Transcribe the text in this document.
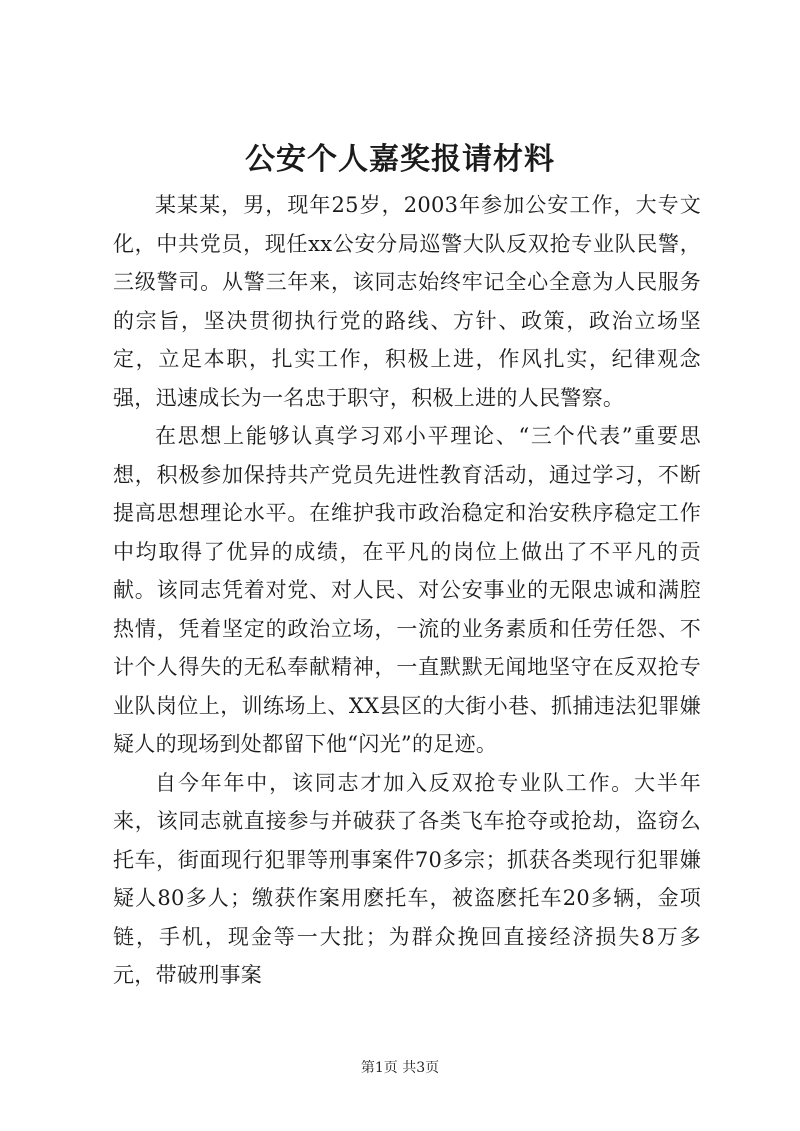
公安个人嘉奖报请材料

某某某，男，现年25岁，2003年参加公安工作，大专文化，中共党员，现任xx公安分局巡警大队反双抢专业队民警，三级警司。从警三年来，该同志始终牢记全心全意为人民服务的宗旨，坚决贯彻执行党的路线、方针、政策，政治立场坚定，立足本职，扎实工作，积极上进，作风扎实，纪律观念强，迅速成长为一名忠于职守，积极上进的人民警察。

在思想上能够认真学习邓小平理论、“三个代表”重要思想，积极参加保持共产党员先进性教育活动，通过学习，不断提高思想理论水平。在维护我市政治稳定和治安秩序稳定工作中均取得了优异的成绩，在平凡的岗位上做出了不平凡的贡献。该同志凭着对党、对人民、对公安事业的无限忠诚和满腔热情，凭着坚定的政治立场，一流的业务素质和任劳任怨、不计个人得失的无私奉献精神，一直默默无闻地坚守在反双抢专业队岗位上，训练场上、XX县区的大街小巷、抓捕违法犯罪嫌疑人的现场到处都留下他“闪光”的足迹。

自今年年中，该同志才加入反双抢专业队工作。大半年来，该同志就直接参与并破获了各类飞车抢夺或抢劫，盗窃么托车，街面现行犯罪等刑事案件70多宗；抓获各类现行犯罪嫌疑人80多人；缴获作案用麽托车，被盗麽托车20多辆，金项链，手机，现金等一大批；为群众挽回直接经济损失8万多元，带破刑事案

第1页 共3页
